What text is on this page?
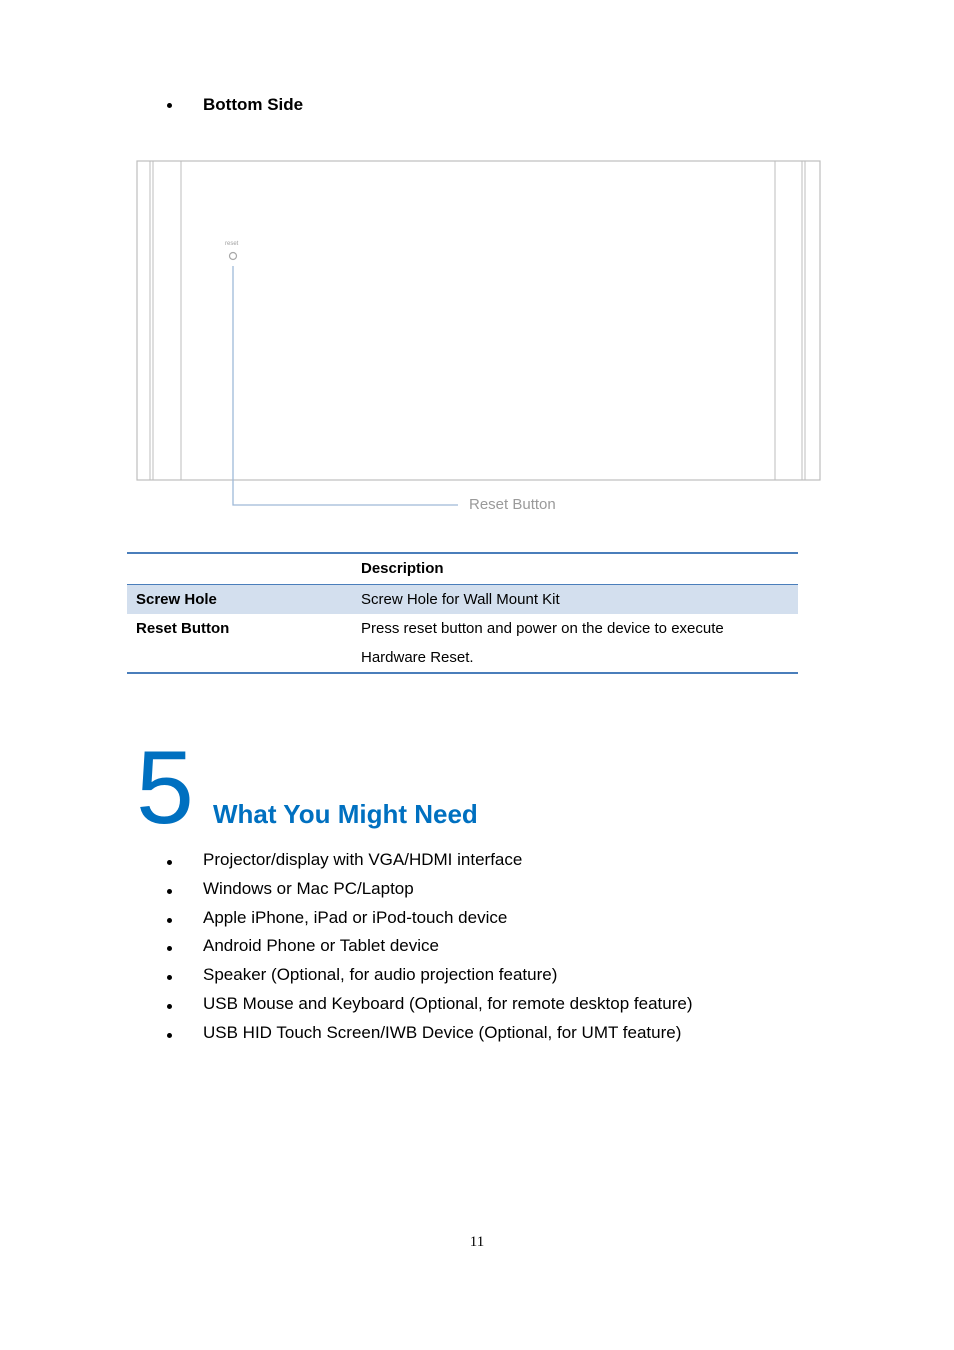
Bottom Side
reset
Reset Button
	Description
Screw Hole	Screw Hole for Wall Mount Kit
Reset Button	Press reset button and power on the device to execute
Hardware Reset.
5 What You Might Need
Projector/display with VGA/HDMI interface
Windows or Mac PC/Laptop
Apple iPhone, iPad or iPod-touch device
Android Phone or Tablet device
Speaker (Optional, for audio projection feature)
USB Mouse and Keyboard (Optional, for remote desktop feature)
USB HID Touch Screen/IWB Device (Optional, for UMT feature)
11
